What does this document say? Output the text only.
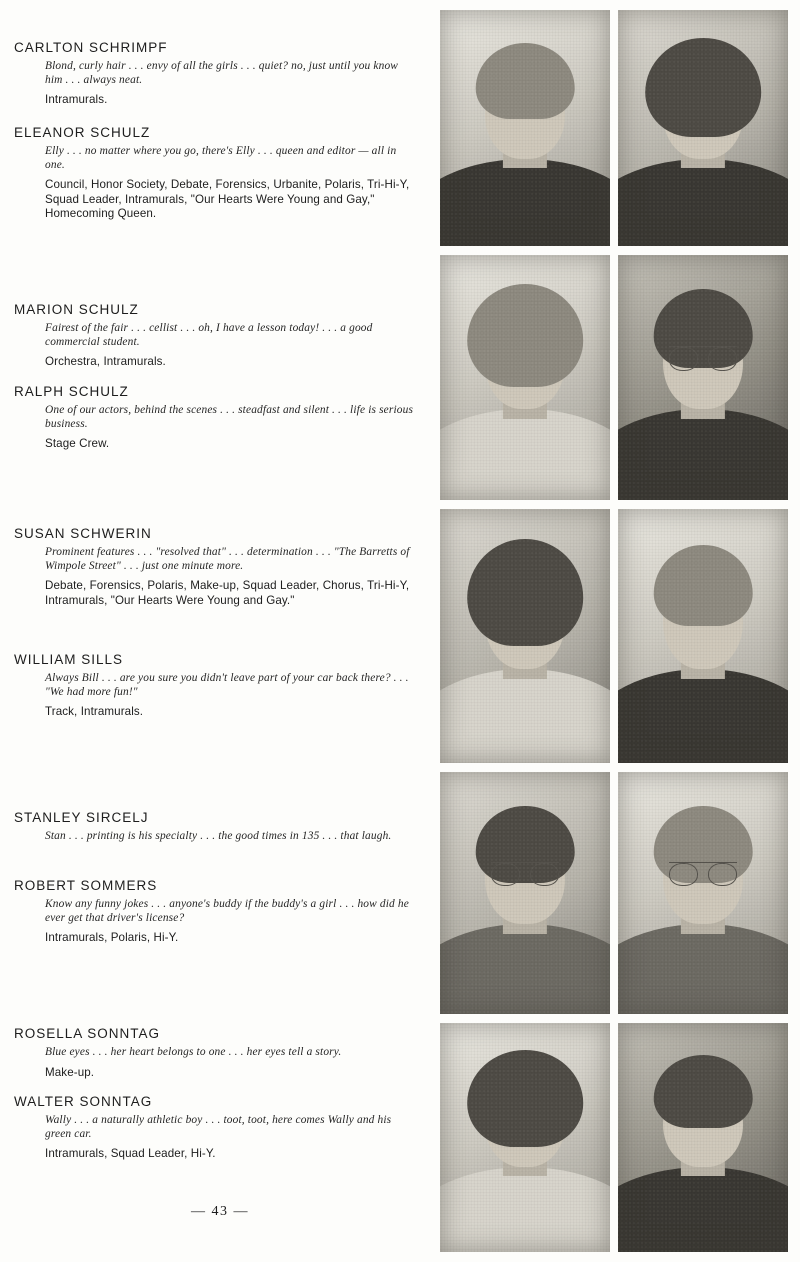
CARLTON SCHRIMPF
Blond, curly hair . . . envy of all the girls . . . quiet? no, just until you know him . . . always neat.
Intramurals.
ELEANOR SCHULZ
Elly . . . no matter where you go, there's Elly . . . queen and editor — all in one.
Council, Honor Society, Debate, Forensics, Urbanite, Polaris, Tri-Hi-Y, Squad Leader, Intramurals, "Our Hearts Were Young and Gay," Homecoming Queen.
MARION SCHULZ
Fairest of the fair . . . cellist . . . oh, I have a lesson today! . . . a good commercial student.
Orchestra, Intramurals.
RALPH SCHULZ
One of our actors, behind the scenes . . . steadfast and silent . . . life is serious business.
Stage Crew.
SUSAN SCHWERIN
Prominent features . . . "resolved that" . . . determination . . . "The Barretts of Wimpole Street" . . . just one minute more.
Debate, Forensics, Polaris, Make-up, Squad Leader, Chorus, Tri-Hi-Y, Intramurals, "Our Hearts Were Young and Gay."
WILLIAM SILLS
Always Bill . . . are you sure you didn't leave part of your car back there? . . . "We had more fun!"
Track, Intramurals.
STANLEY SIRCELJ
Stan . . . printing is his specialty . . . the good times in 135 . . . that laugh.
ROBERT SOMMERS
Know any funny jokes . . . anyone's buddy if the buddy's a girl . . . how did he ever get that driver's license?
Intramurals, Polaris, Hi-Y.
ROSELLA SONNTAG
Blue eyes . . . her heart belongs to one . . . her eyes tell a story.
Make-up.
WALTER SONNTAG
Wally . . . a naturally athletic boy . . . toot, toot, here comes Wally and his green car.
Intramurals, Squad Leader, Hi-Y.
— 43 —
